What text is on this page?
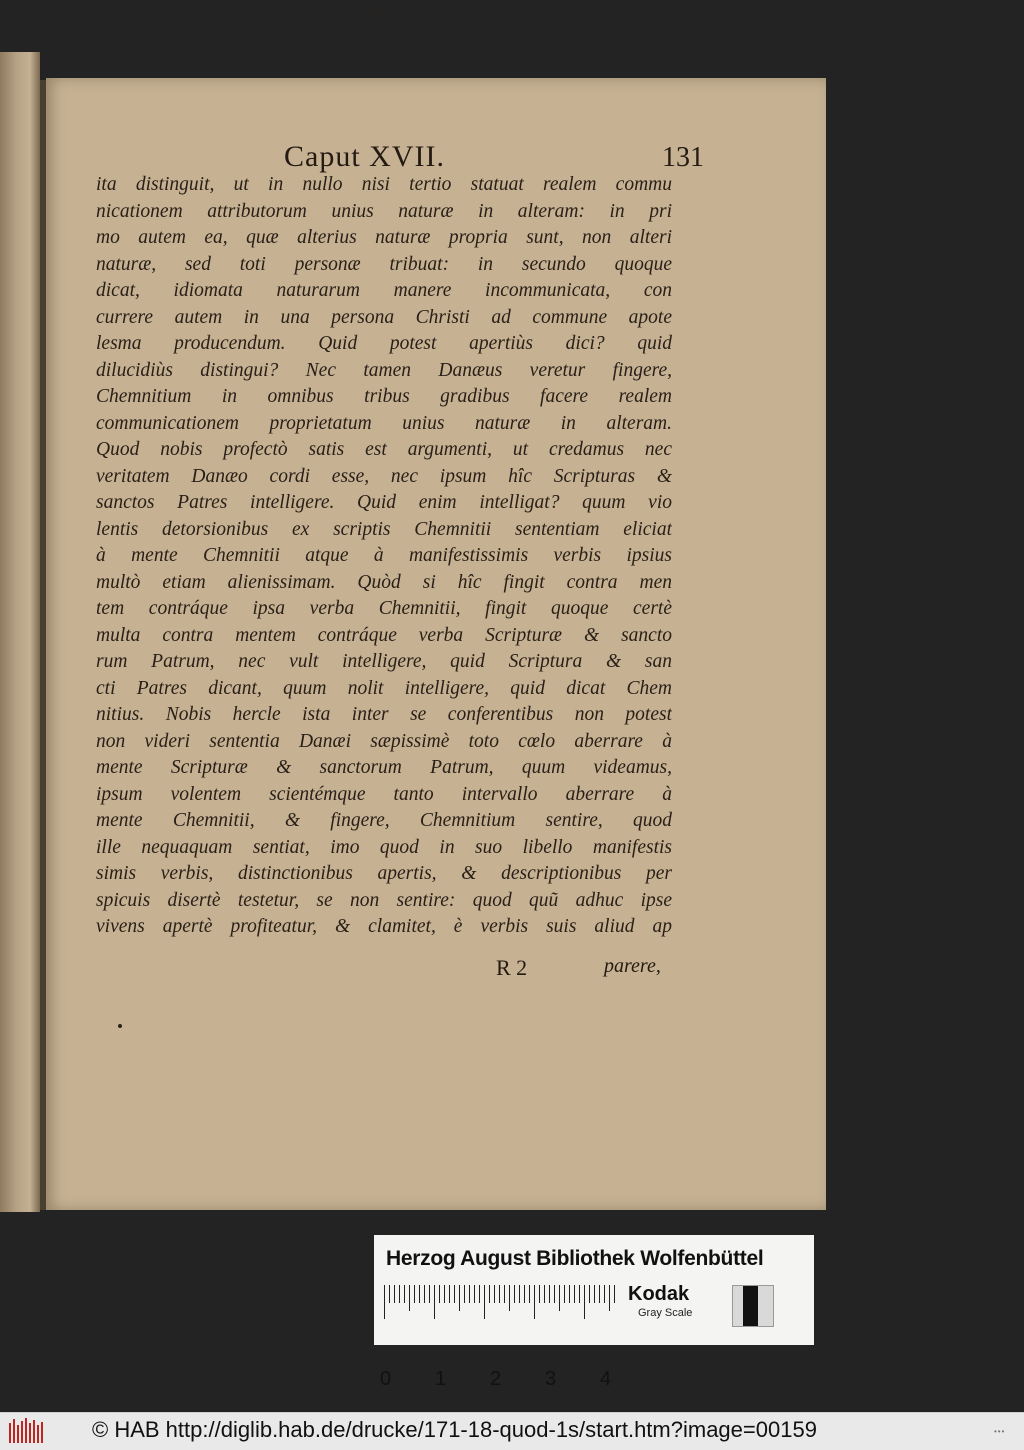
Caput XVII.	131
ita distinguit, ut in nullo nisi tertio statuat realem commu
nicationem attributorum unius naturæ in alteram: in pri
mo autem ea, quæ alterius naturæ propria sunt, non alteri
naturæ, sed toti personæ tribuat: in secundo quoque
dicat, idiomata naturarum manere incommunicata, con
currere autem in una persona Christi ad commune apote
lesma producendum. Quid potest apertiùs dici? quid
dilucidiùs distingui? Nec tamen Danæus veretur fingere,
Chemnitium in omnibus tribus gradibus facere realem
communicationem proprietatum unius naturæ in alteram.
Quod nobis profectò satis est argumenti, ut credamus nec
veritatem Danæo cordi esse, nec ipsum hîc Scripturas &
sanctos Patres intelligere. Quid enim intelligat? quum vio
lentis detorsionibus ex scriptis Chemnitii sententiam eliciat
à mente Chemnitii atque à manifestissimis verbis ipsius
multò etiam alienissimam. Quòd si hîc fingit contra men
tem contráque ipsa verba Chemnitii, fingit quoque certè
multa contra mentem contráque verba Scripturæ & sancto
rum Patrum, nec vult intelligere, quid Scriptura & san
cti Patres dicant, quum nolit intelligere, quid dicat Chem
nitius. Nobis hercle ista inter se conferentibus non potest
non videri sententia Danæi sæpissimè toto cœlo aberrare à
mente Scripturæ & sanctorum Patrum, quum videamus,
ipsum volentem scientémque tanto intervallo aberrare à
mente Chemnitii, & fingere, Chemnitium sentire, quod
ille nequaquam sentiat, imo quod in suo libello manifestis
simis verbis, distinctionibus apertis, & descriptionibus per
spicuis disertè testetur, se non sentire: quod quũ adhuc ipse
vivens apertè profiteatur, & clamitet, è verbis suis aliud ap
R 2	parere,
Herzog August Bibliothek Wolfenbüttel
0 1 2 3 4
Kodak
Gray Scale
© HAB http://diglib.hab.de/drucke/171-18-quod-1s/start.htm?image=00159	•••
